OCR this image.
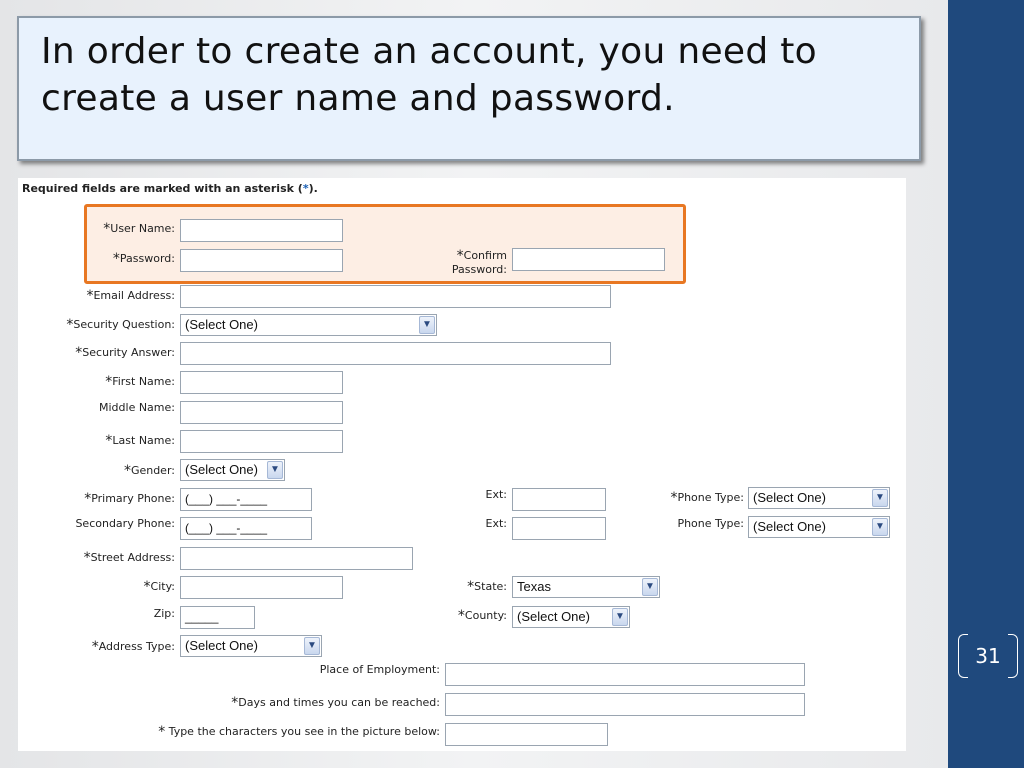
31
In order to create an account, you need to create a user name and password.
Required fields are marked with an asterisk (*).
*User Name:
*Password:	*Confirm
Password:
*Email Address:
*Security Question: (Select One)	▼
*Security Answer:
*First Name:
Middle Name:
*Last Name:
*Gender: (Select One)	▼
*Primary Phone: (___) ___-____	Ext:	*Phone Type: (Select One)	▼
Secondary Phone: (___) ___-____	Ext:	Phone Type: (Select One)	▼
*Street Address:
*City:	*State: Texas	▼
Zip: _____	*County: (Select One)	▼
*Address Type: (Select One)	▼
Place of Employment:
*Days and times you can be reached:
* Type the characters you see in the picture below:
